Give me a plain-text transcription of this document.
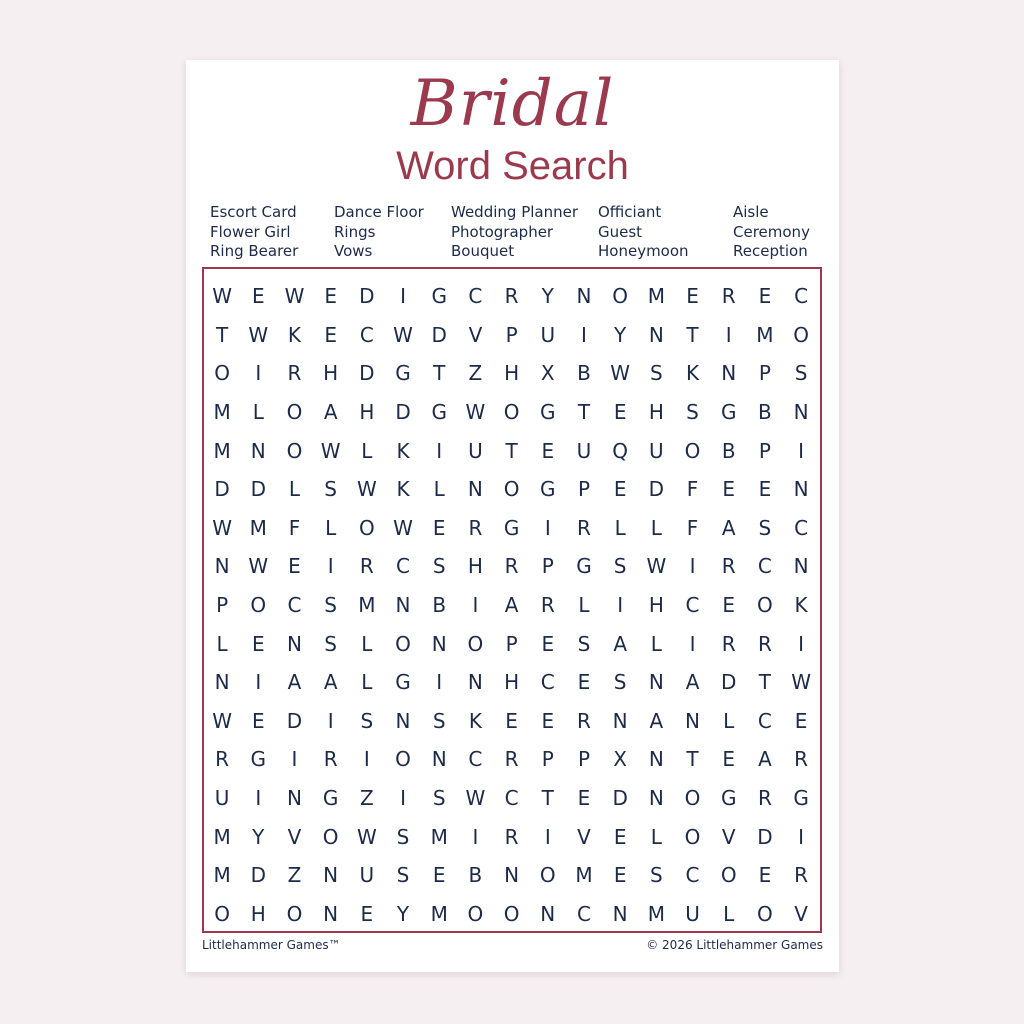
Bridal
Word Search
Escort Card
Flower Girl
Ring Bearer
Dance Floor
Rings
Vows
Wedding Planner
Photographer
Bouquet
Officiant
Guest
Honeymoon
Aisle
Ceremony
Reception
W E W E	D	I	G	C	R	Y	N	O M	E	R	E	C
T	W K	E	C W D	V	P	U	I	Y	N	T	I	M O
O	I	R	H	D	G	T	Z	H	X	B W S	K	N	P	S
M	L	O	A	H	D	G W O	G	T	E	H	S	G	B	N
M	N	O W	L	K	I	U	T	E	U	Q	U	O	B	P	I
D	D	L	S W K	L	N	O	G	P	E	D	F	E	E	N
W M	F	L	O W E	R	G	I	R	L	L	F	A	S	C
N W E	I	R	C	S	H	R	P	G	S W	I	R	C	N
P	O	C	S	M	N	B	I	A	R	L	I	H	C	E	O	K
L	E	N	S	L	O	N	O	P	E	S	A	L	I	R	R	I
N	I	A	A	L	G	I	N	H	C	E	S	N	A	D	T	W
W E	D	I	S	N	S	K	E	E	R	N	A	N	L	C	E
R	G	I	R	I	O	N	C	R	P	P	X	N	T	E	A	R
U	I	N	G	Z	I	S W C	T	E	D	N	O	G	R	G
M	Y	V	O W S	M	I	R	I	V	E	L	O	V	D	I
M D	Z	N	U	S	E	B	N	O M	E	S	C	O	E	R
O	H	O	N	E	Y	M O	O	N	C	N	M	U	L	O	V
Littlehammer Games™	© 2026 Littlehammer Games
